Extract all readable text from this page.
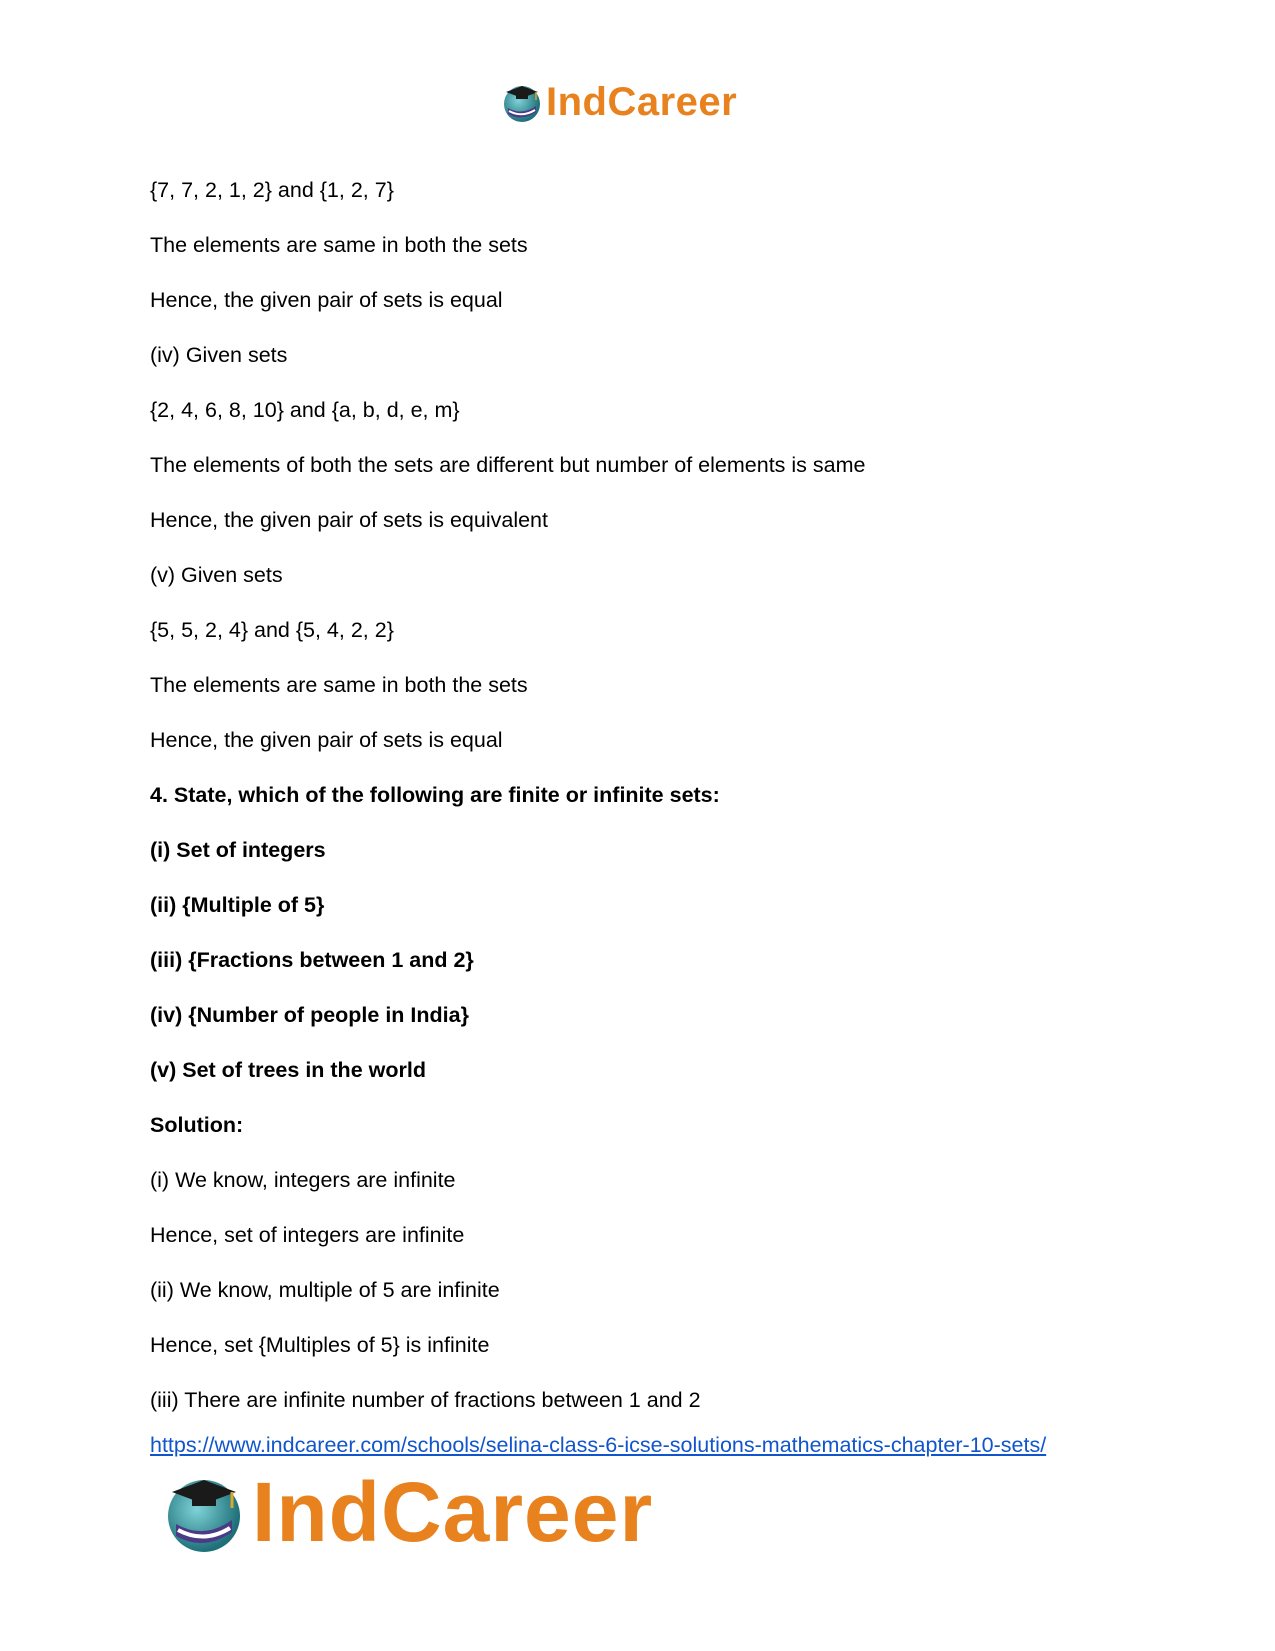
IndCareer
{7, 7, 2, 1, 2} and {1, 2, 7}
The elements are same in both the sets
Hence, the given pair of sets is equal
(iv) Given sets
{2, 4, 6, 8, 10} and {a, b, d, e, m}
The elements of both the sets are different but number of elements is same
Hence, the given pair of sets is equivalent
(v) Given sets
{5, 5, 2, 4} and {5, 4, 2, 2}
The elements are same in both the sets
Hence, the given pair of sets is equal
4. State, which of the following are finite or infinite sets:
(i) Set of integers
(ii) {Multiple of 5}
(iii) {Fractions between 1 and 2}
(iv) {Number of people in India}
(v) Set of trees in the world
Solution:
(i) We know, integers are infinite
Hence, set of integers are infinite
(ii) We know, multiple of 5 are infinite
Hence, set {Multiples of 5} is infinite
(iii) There are infinite number of fractions between 1 and 2
https://www.indcareer.com/schools/selina-class-6-icse-solutions-mathematics-chapter-10-sets/
IndCareer
